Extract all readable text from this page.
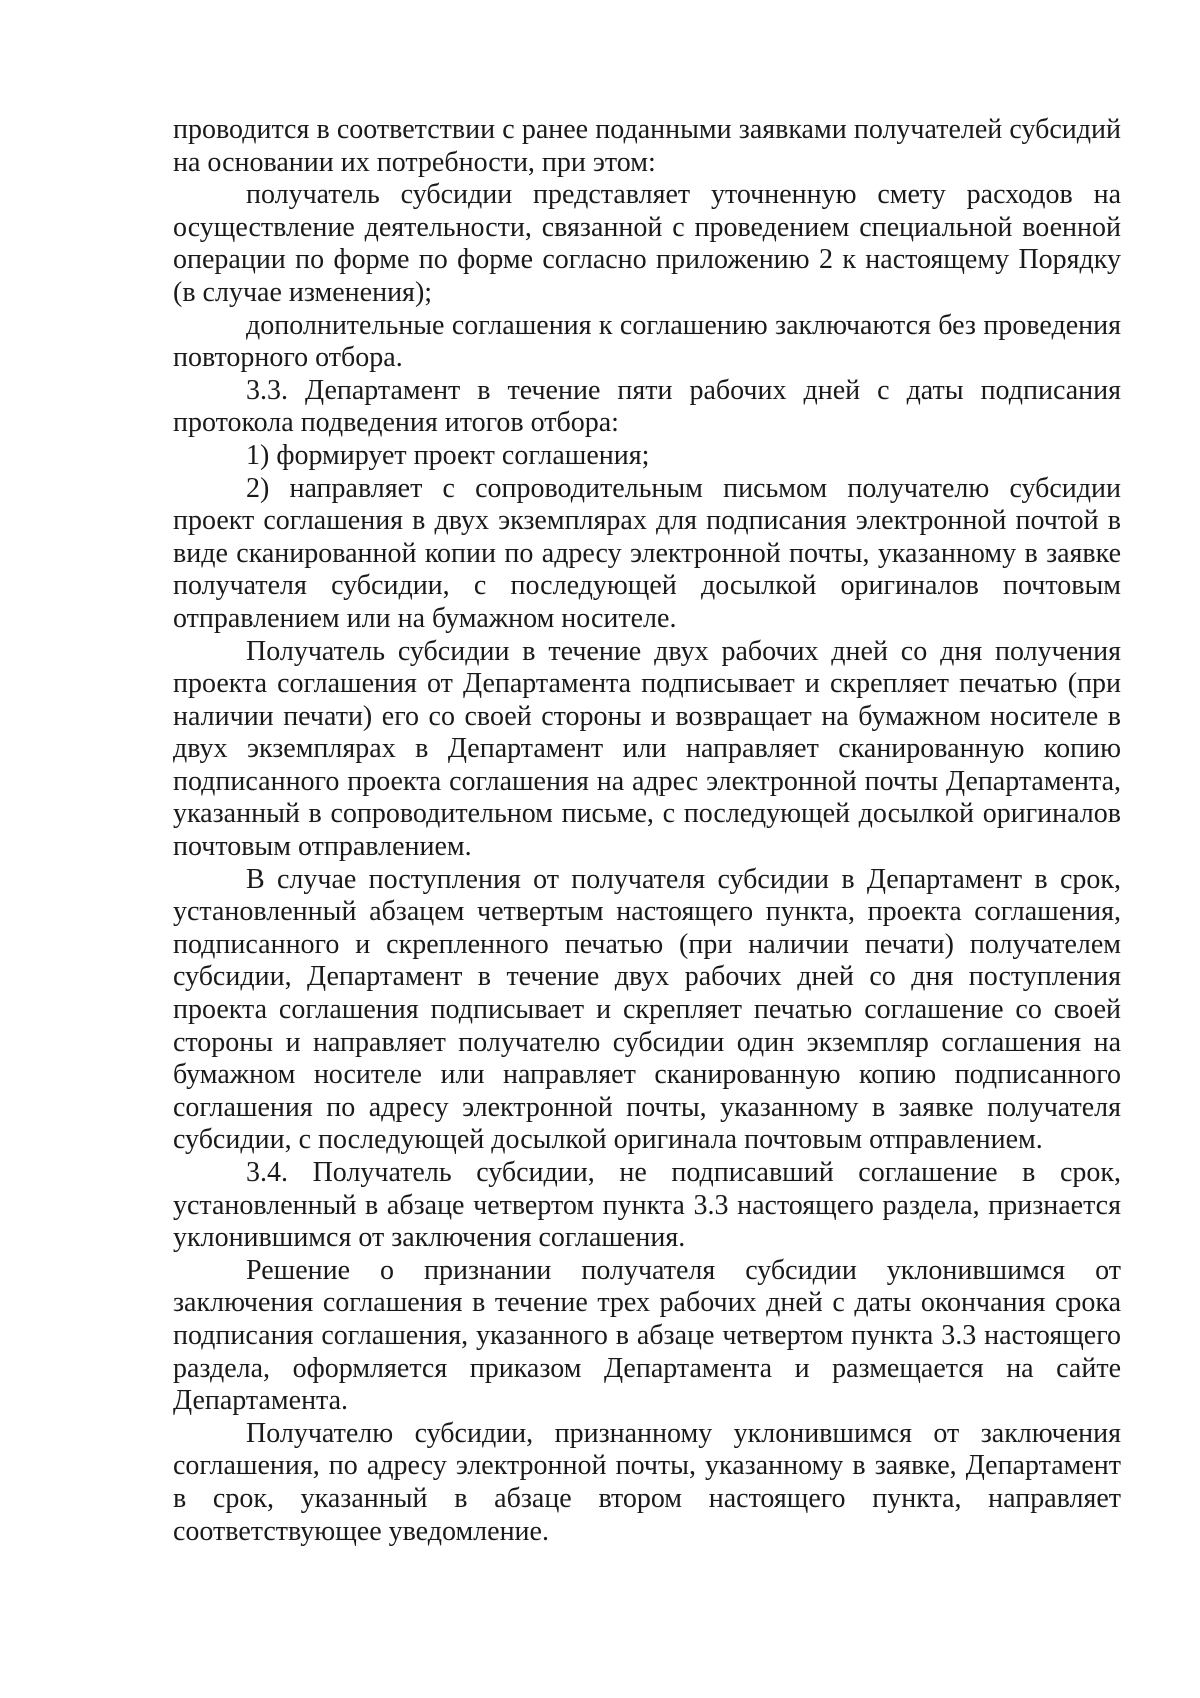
проводится в соответствии с ранее поданными заявками получателей субсидий на основании их потребности, при этом:

получатель субсидии представляет уточненную смету расходов на осуществление деятельности, связанной с проведением специальной военной операции по форме по форме согласно приложению 2 к настоящему Порядку (в случае изменения);

дополнительные соглашения к соглашению заключаются без проведения повторного отбора.

3.3. Департамент в течение пяти рабочих дней с даты подписания протокола подведения итогов отбора:

1) формирует проект соглашения;

2) направляет с сопроводительным письмом получателю субсидии проект соглашения в двух экземплярах для подписания электронной почтой в виде сканированной копии по адресу электронной почты, указанному в заявке получателя субсидии, с последующей досылкой оригиналов почтовым отправлением или на бумажном носителе.

Получатель субсидии в течение двух рабочих дней со дня получения проекта соглашения от Департамента подписывает и скрепляет печатью (при наличии печати) его со своей стороны и возвращает на бумажном носителе в двух экземплярах в Департамент или направляет сканированную копию подписанного проекта соглашения на адрес электронной почты Департамента, указанный в сопроводительном письме, с последующей досылкой оригиналов почтовым отправлением.

В случае поступления от получателя субсидии в Департамент в срок, установленный абзацем четвертым настоящего пункта, проекта соглашения, подписанного и скрепленного печатью (при наличии печати) получателем субсидии, Департамент в течение двух рабочих дней со дня поступления проекта соглашения подписывает и скрепляет печатью соглашение со своей стороны и направляет получателю субсидии один экземпляр соглашения на бумажном носителе или направляет сканированную копию подписанного соглашения по адресу электронной почты, указанному в заявке получателя субсидии, с последующей досылкой оригинала почтовым отправлением.

3.4. Получатель субсидии, не подписавший соглашение в срок, установленный в абзаце четвертом пункта 3.3 настоящего раздела, признается уклонившимся от заключения соглашения.

Решение о признании получателя субсидии уклонившимся от заключения соглашения в течение трех рабочих дней с даты окончания срока подписания соглашения, указанного в абзаце четвертом пункта 3.3 настоящего раздела, оформляется приказом Департамента и размещается на сайте Департамента.

Получателю субсидии, признанному уклонившимся от заключения соглашения, по адресу электронной почты, указанному в заявке, Департамент в срок, указанный в абзаце втором настоящего пункта, направляет соответствующее уведомление.
